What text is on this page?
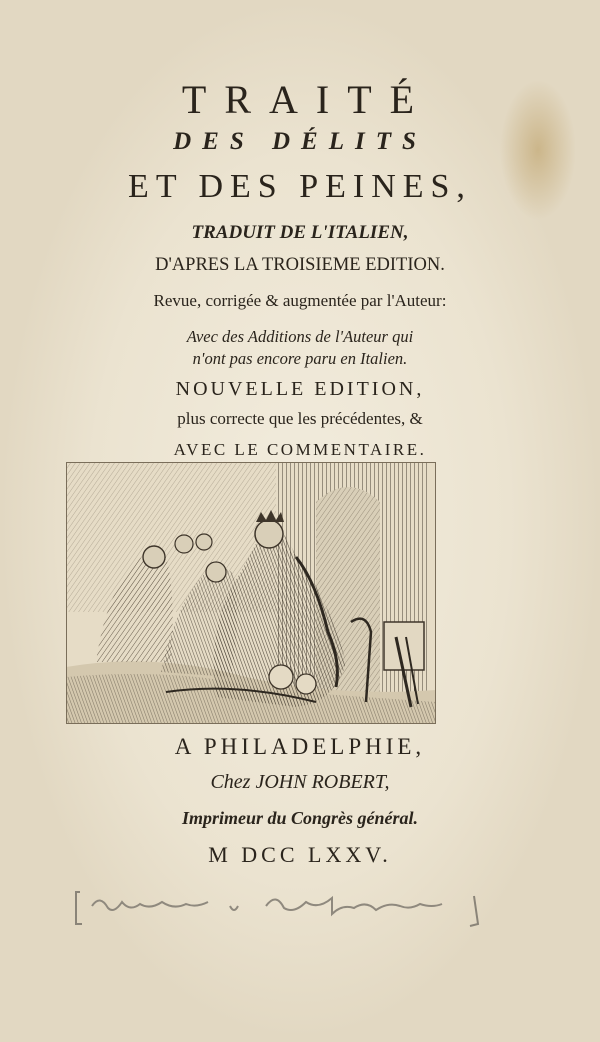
TRAITÉ
DES DÉLITS
ET DES PEINES,
TRADUIT DE L'ITALIEN,
D'APRES LA TROISIEME EDITION.
Revue, corrigée & augmentée par l'Auteur:
Avec des Additions de l'Auteur qui
n'ont pas encore paru en Italien.
NOUVELLE EDITION,
plus correcte que les précédentes, &
AVEC LE COMMENTAIRE.
A PHILADELPHIE,
Chez JOHN ROBERT,
Imprimeur du Congrès général.
M DCC LXXV.
